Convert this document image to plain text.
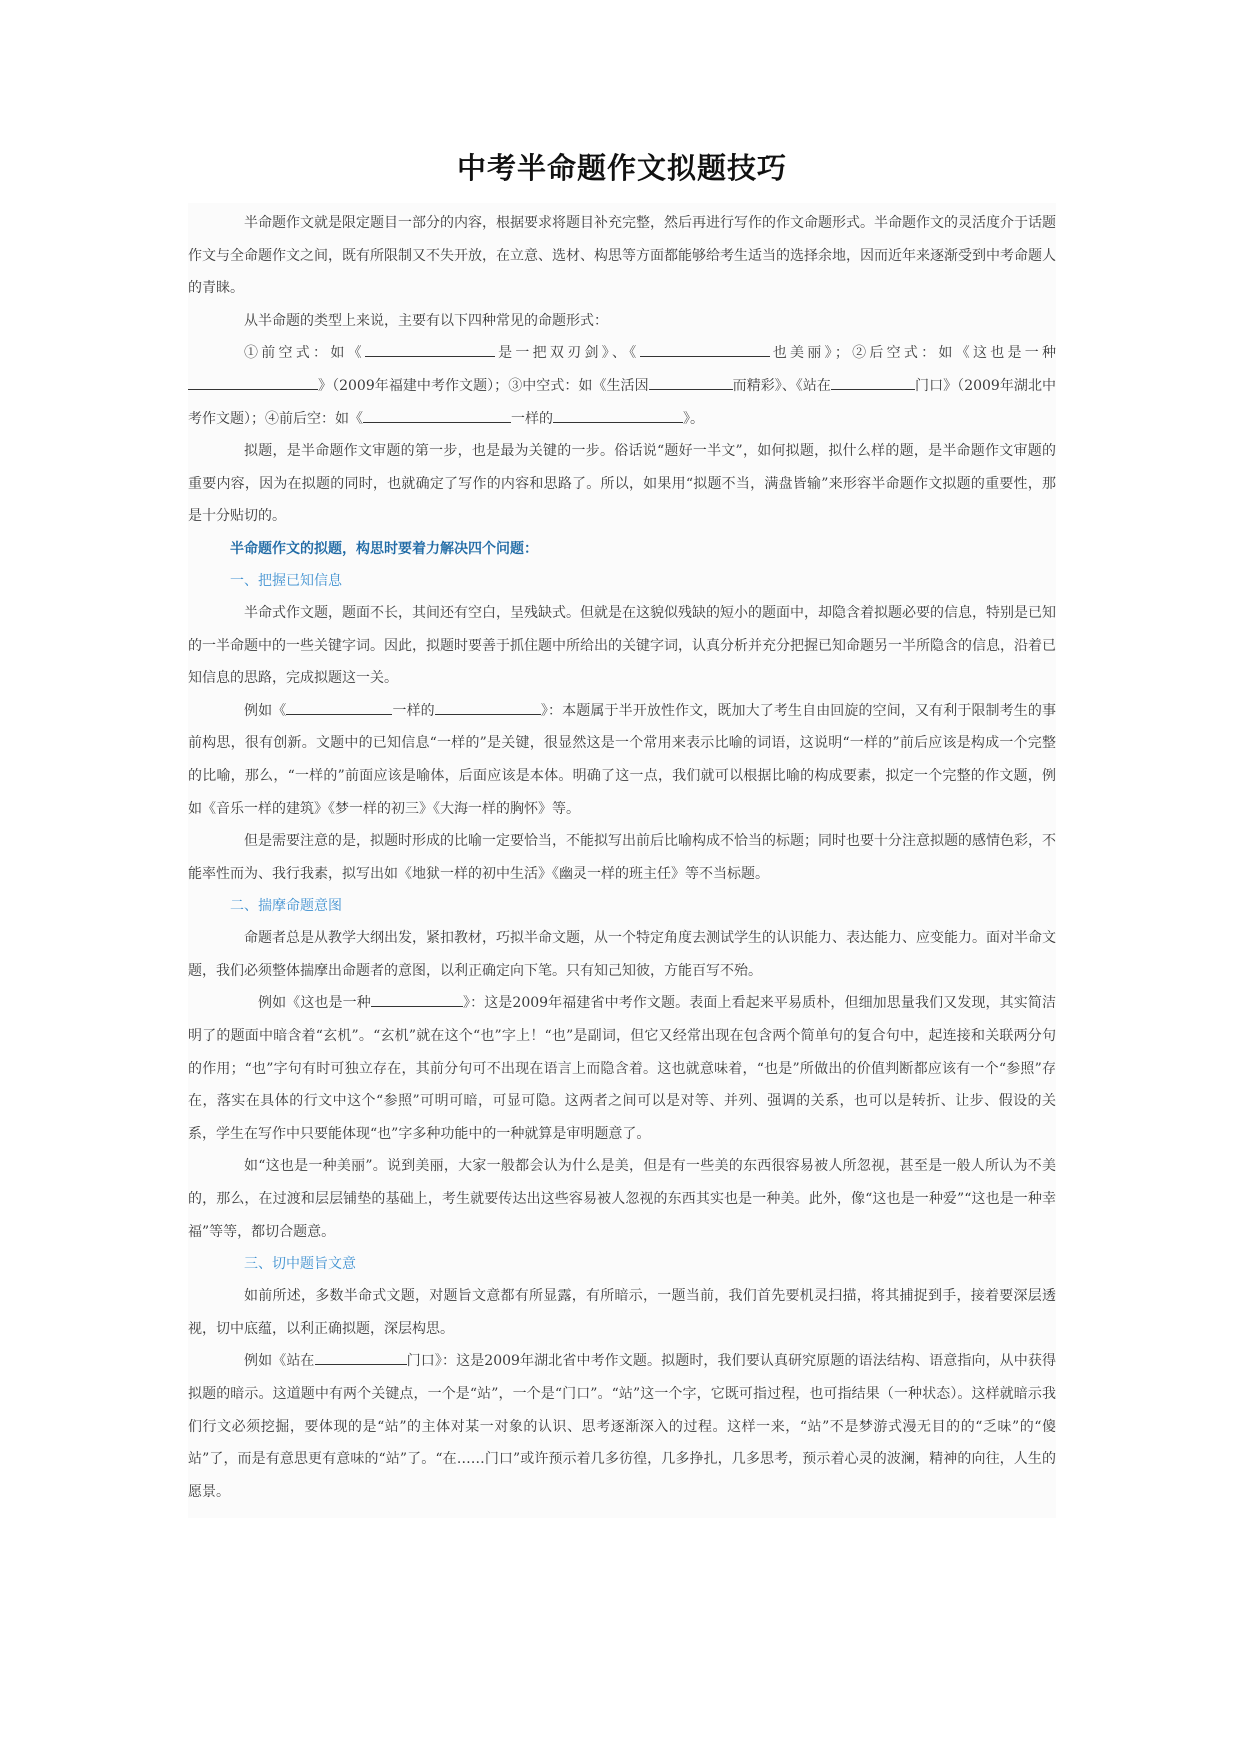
中考半命题作文拟题技巧

半命题作文就是限定题目一部分的内容，根据要求将题目补充完整，然后再进行写作的作文命题形式。半命题作文的灵活度介于话题作文与全命题作文之间，既有所限制又不失开放，在立意、选材、构思等方面都能够给考生适当的选择余地，因而近年来逐渐受到中考命题人的青睐。

从半命题的类型上来说，主要有以下四种常见的命题形式：

①前空式：如《	是一把双刃剑》、《	也美丽》；②后空式：如《这也是一种》（2009年福建中考作文题）；③中空式：如《生活因	而精彩》、《站在	门口》（2009年湖北中考作文题）；④前后空：如《	一样的	》。

拟题，是半命题作文审题的第一步，也是最为关键的一步。俗话说“题好一半文”，如何拟题，拟什么样的题，是半命题作文审题的重要内容，因为在拟题的同时，也就确定了写作的内容和思路了。所以，如果用“拟题不当，满盘皆输”来形容半命题作文拟题的重要性，那是十分贴切的。

半命题作文的拟题，构思时要着力解决四个问题：
一、把握已知信息

半命式作文题，题面不长，其间还有空白，呈残缺式。但就是在这貌似残缺的短小的题面中，却隐含着拟题必要的信息，特别是已知的一半命题中的一些关键字词。因此，拟题时要善于抓住题中所给出的关键字词，认真分析并充分把握已知命题另一半所隐含的信息，沿着已知信息的思路，完成拟题这一关。

例如《	一样的	》：本题属于半开放性作文，既加大了考生自由回旋的空间，又有利于限制考生的事前构思，很有创新。文题中的已知信息“一样的”是关键，很显然这是一个常用来表示比喻的词语，这说明“一样的”前后应该是构成一个完整的比喻，那么，“一样的”前面应该是喻体，后面应该是本体。明确了这一点，我们就可以根据比喻的构成要素，拟定一个完整的作文题，例如《音乐一样的建筑》《梦一样的初三》《大海一样的胸怀》等。

但是需要注意的是，拟题时形成的比喻一定要恰当，不能拟写出前后比喻构成不恰当的标题；同时也要十分注意拟题的感情色彩，不能率性而为、我行我素，拟写出如《地狱一样的初中生活》《幽灵一样的班主任》等不当标题。

二、揣摩命题意图

命题者总是从教学大纲出发，紧扣教材，巧拟半命文题，从一个特定角度去测试学生的认识能力、表达能力、应变能力。面对半命文题，我们必须整体揣摩出命题者的意图，以利正确定向下笔。只有知己知彼，方能百写不殆。

例如《这也是一种	》：这是2009年福建省中考作文题。表面上看起来平易质朴，但细加思量我们又发现，其实简洁明了的题面中暗含着“玄机”。“玄机”就在这个“也”字上！“也”是副词，但它又经常出现在包含两个简单句的复合句中，起连接和关联两分句的作用；“也”字句有时可独立存在，其前分句可不出现在语言上而隐含着。这也就意味着，“也是”所做出的价值判断都应该有一个“参照”存在，落实在具体的行文中这个“参照”可明可暗，可显可隐。这两者之间可以是对等、并列、强调的关系，也可以是转折、让步、假设的关系，学生在写作中只要能体现“也”字多种功能中的一种就算是审明题意了。

如“这也是一种美丽”。说到美丽，大家一般都会认为什么是美，但是有一些美的东西很容易被人所忽视，甚至是一般人所认为不美的，那么，在过渡和层层铺垫的基础上，考生就要传达出这些容易被人忽视的东西其实也是一种美。此外，像“这也是一种爱”“这也是一种幸福”等等，都切合题意。

三、切中题旨文意

如前所述，多数半命式文题，对题旨文意都有所显露，有所暗示，一题当前，我们首先要机灵扫描，将其捕捉到手，接着要深层透视，切中底蕴，以利正确拟题，深层构思。

例如《站在	门口》：这是2009年湖北省中考作文题。拟题时，我们要认真研究原题的语法结构、语意指向，从中获得拟题的暗示。这道题中有两个关键点，一个是“站”，一个是“门口”。“站”这一个字，它既可指过程，也可指结果（一种状态）。这样就暗示我们行文必须挖掘，要体现的是“站”的主体对某一对象的认识、思考逐渐深入的过程。这样一来，“站”不是梦游式漫无目的的“乏味”的“傻站”了，而是有意思更有意味的“站”了。“在……门口”或许预示着几多彷徨，几多挣扎，几多思考，预示着心灵的波澜，精神的向往，人生的愿景。
